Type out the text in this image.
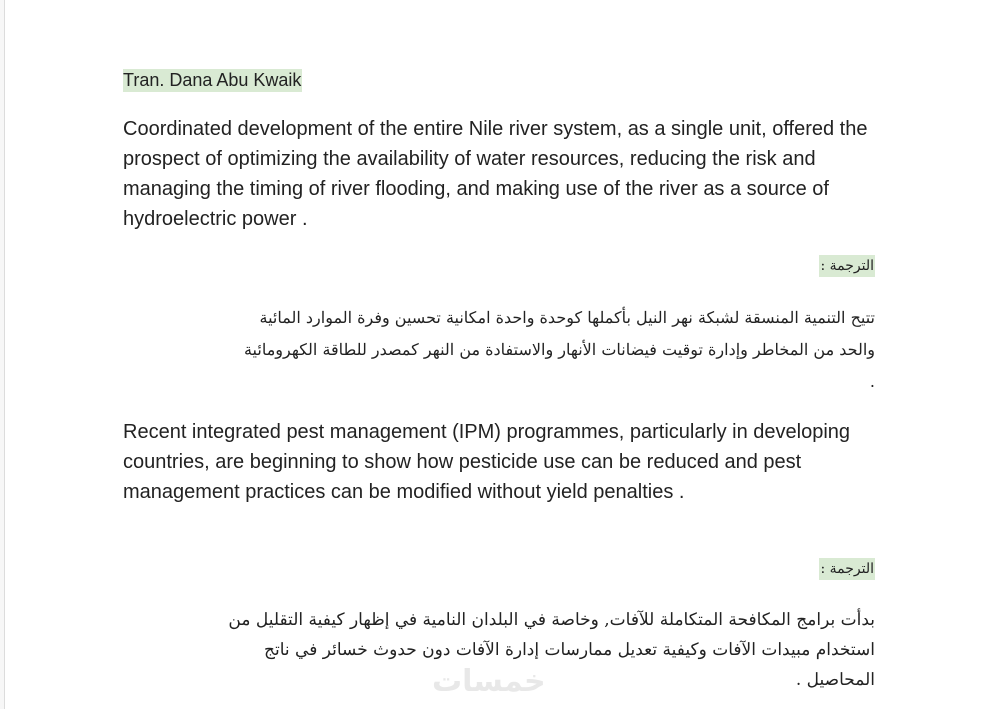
Tran. Dana Abu Kwaik

Coordinated development of the entire Nile river system, as a single unit, offered the prospect of optimizing the availability of water resources, reducing the risk and managing the timing of river flooding, and making use of the river as a source of hydroelectric power .

الترجمة :
تتيح التنمية المنسقة لشبكة نهر النيل بأكملها كوحدة واحدة امكانية تحسين وفرة الموارد المائية
والحد من المخاطر وإدارة توقيت فيضانات الأنهار والاستفادة من النهر كمصدر للطاقة الكهرومائية
.

Recent integrated pest management (IPM) programmes, particularly in developing countries, are beginning to show how pesticide use can be reduced and pest management practices can be modified without yield penalties .

الترجمة :
بدأت برامج المكافحة المتكاملة للآفات, وخاصة في البلدان النامية في إظهار كيفية التقليل من
استخدام مبيدات الآفات وكيفية تعديل ممارسات إدارة الآفات دون حدوث خسائر في ناتج
المحاصيل .
خمسات
